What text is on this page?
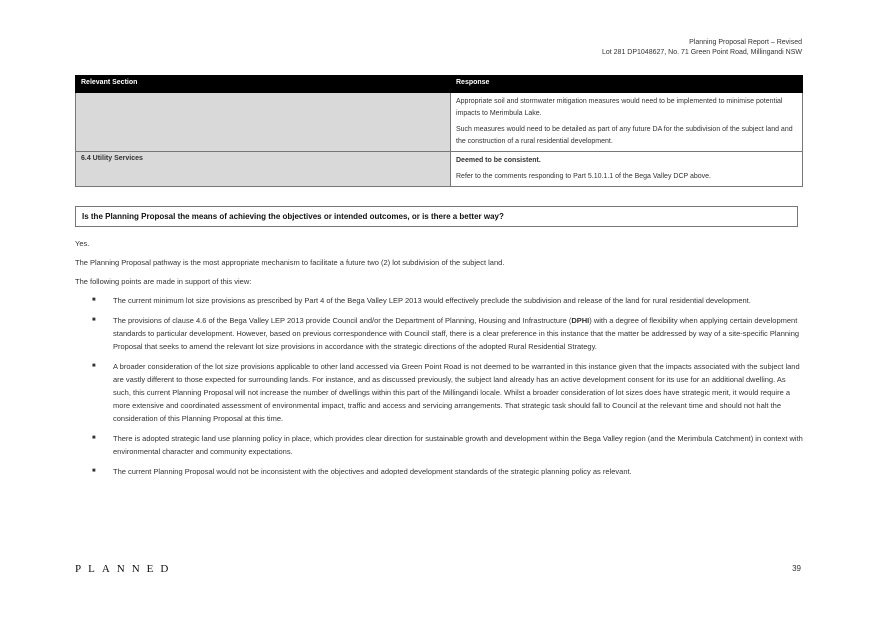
Planning Proposal Report – Revised
Lot 281 DP1048627, No. 71 Green Point Road, Millingandi NSW
Relevant Section	Response

	Appropriate soil and stormwater mitigation measures would need to be implemented to minimise potential impacts to Merimbula Lake.

Such measures would need to be detailed as part of any future DA for the subdivision of the subject land and the construction of a rural residential development.

6.4 Utility Services	Deemed to be consistent.

Refer to the comments responding to Part 5.10.1.1 of the Bega Valley DCP above.

Is the Planning Proposal the means of achieving the objectives or intended outcomes, or is there a better way?

Yes.

The Planning Proposal pathway is the most appropriate mechanism to facilitate a future two (2) lot subdivision of the subject land.

The following points are made in support of this view:

■ The current minimum lot size provisions as prescribed by Part 4 of the Bega Valley LEP 2013 would effectively preclude the subdivision and release of the land for rural residential development.
■ The provisions of clause 4.6 of the Bega Valley LEP 2013 provide Council and/or the Department of Planning, Housing and Infrastructure (DPHI) with a degree of flexibility when applying certain development standards to particular development. However, based on previous correspondence with Council staff, there is a clear preference in this instance that the matter be addressed by way of a site-specific Planning Proposal that seeks to amend the relevant lot size provisions in accordance with the strategic directions of the adopted Rural Residential Strategy.
■ A broader consideration of the lot size provisions applicable to other land accessed via Green Point Road is not deemed to be warranted in this instance given that the impacts associated with the subject land are vastly different to those expected for surrounding lands. For instance, and as discussed previously, the subject land already has an active development consent for its use for an additional dwelling. As such, this current Planning Proposal will not increase the number of dwellings within this part of the Millingandi locale. Whilst a broader consideration of lot sizes does have strategic merit, it would require a more extensive and coordinated assessment of environmental impact, traffic and access and servicing arrangements. That strategic task should fall to Council at the relevant time and should not halt the consideration of this Planning Proposal at this time.
■ There is adopted strategic land use planning policy in place, which provides clear direction for sustainable growth and development within the Bega Valley region (and the Merimbula Catchment) in context with environmental character and community expectations.
■ The current Planning Proposal would not be inconsistent with the objectives and adopted development standards of the strategic planning policy as relevant.
PLANNED	39
